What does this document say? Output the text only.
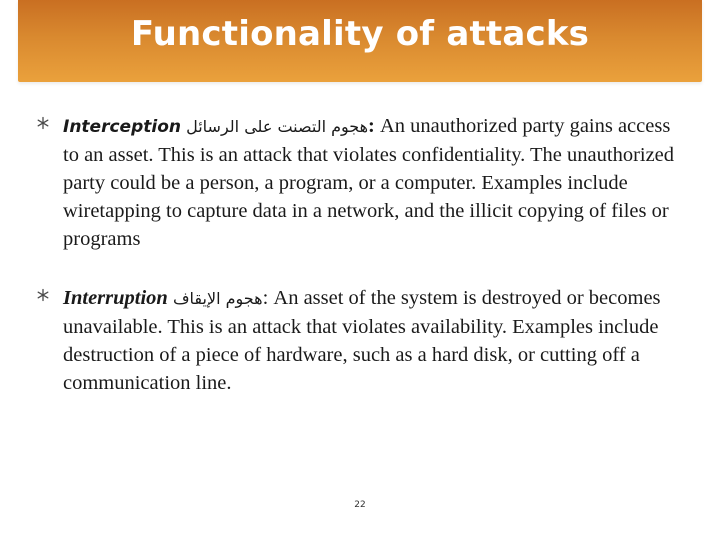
Functionality of attacks
Interception هجوم التصنت على الرسائل: An unauthorized party gains access to an asset. This is an attack that violates confidentiality. The unauthorized party could be a person, a program, or a computer. Examples include wiretapping to capture data in a network, and the illicit copying of files or programs
Interruption هجوم الإيقاف: An asset of the system is destroyed or becomes unavailable. This is an attack that violates availability. Examples include destruction of a piece of hardware, such as a hard disk, or cutting off a communication line.
22
